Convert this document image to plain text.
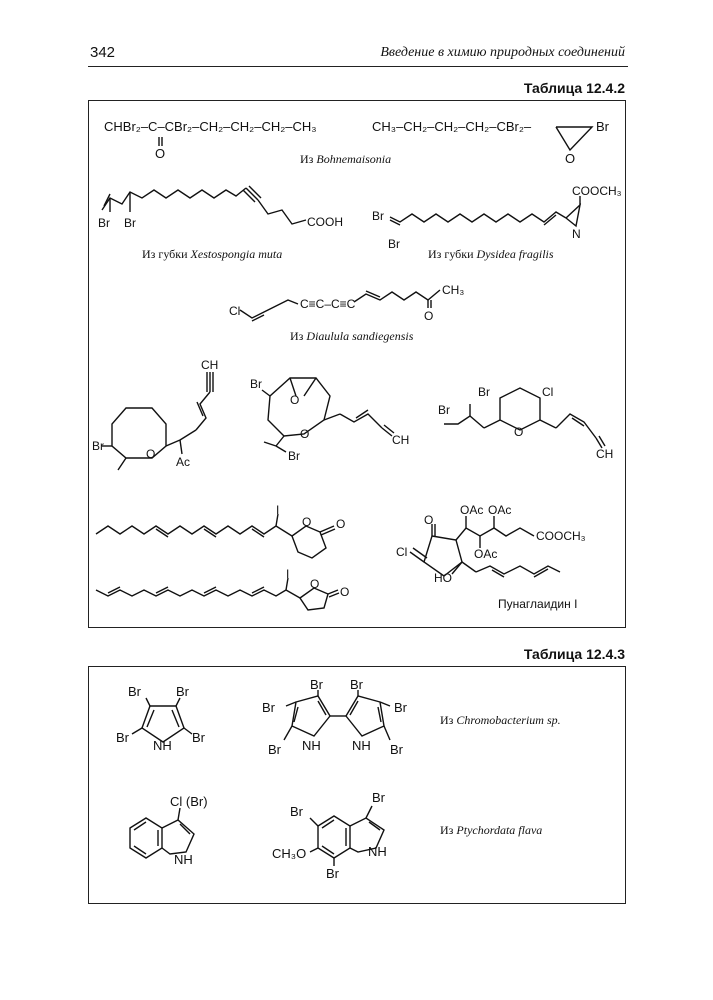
342	Введение в химию природных соединений
Таблица 12.4.2
Таблица 12.4.3
CHBr₂–C–CBr₂–CH₂–CH₂–CH₂–CH₃
O
CH₃–CH₂–CH₂–CH₂–CBr₂–	Br
O
Из Bohnemaisonia
Br Br	COOH
Из губки Xestospongia muta
Br
Br
COOCH₃
N
Из губки Dysidea fragilis
Cl	C≡C–C≡C
CH₃
O
Из Diaulula sandiegensis
CH
Br
O
Ac
Br
O
O
Br
CH
Br	Cl
Br
O
CH
I
O O
I
O
O
O
OAc OAc
OAc
COOCH₃
Cl
HO
Пунаглаидин I
Br	Br
Br	Br
NH
Br Br
Br	Br
Br	Br
NH NH
Из Chromobacterium sp.
Cl (Br)
NH
Br
Br
Br
CH₃O	NH
Из Ptychordata flava
